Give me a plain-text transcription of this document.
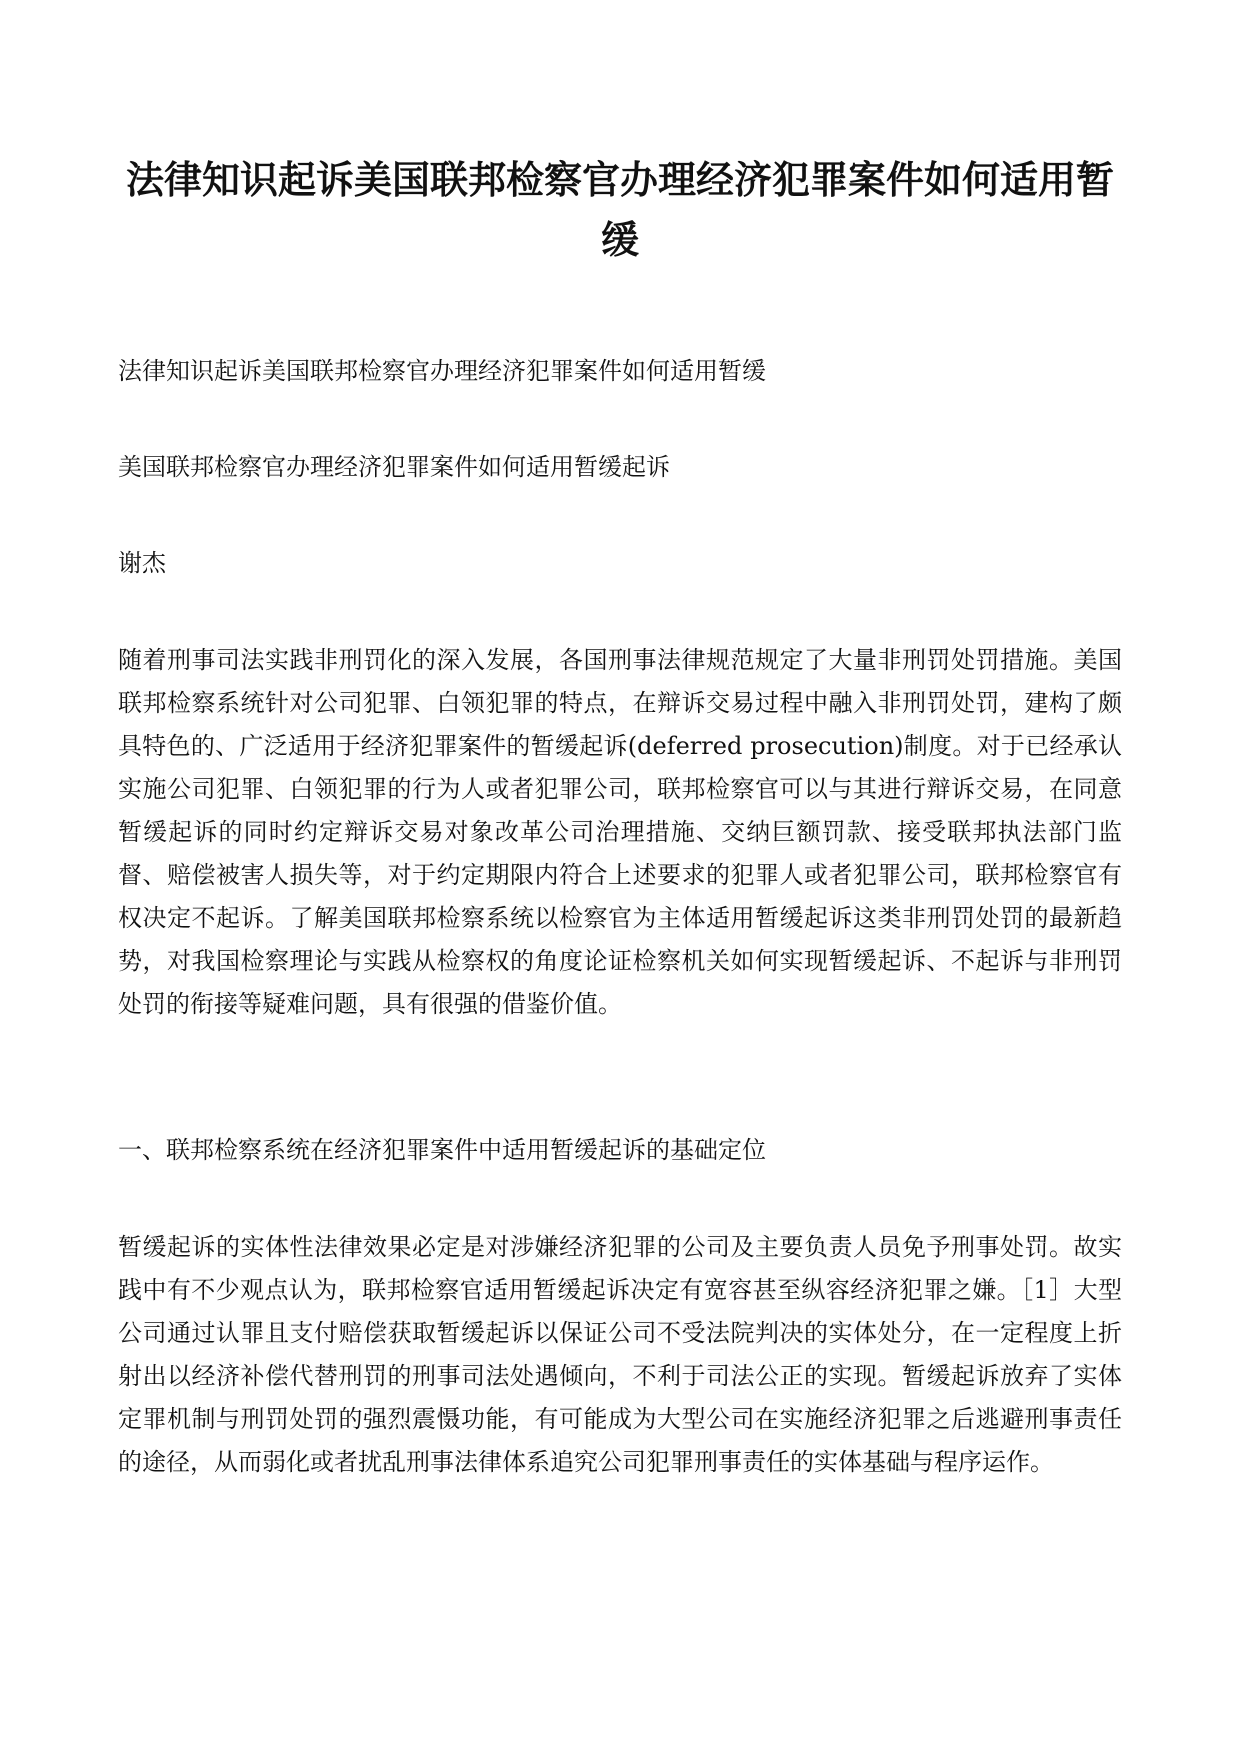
法律知识起诉美国联邦检察官办理经济犯罪案件如何适用暂缓

法律知识起诉美国联邦检察官办理经济犯罪案件如何适用暂缓

美国联邦检察官办理经济犯罪案件如何适用暂缓起诉

谢杰

随着刑事司法实践非刑罚化的深入发展，各国刑事法律规范规定了大量非刑罚处罚措施。美国联邦检察系统针对公司犯罪、白领犯罪的特点，在辩诉交易过程中融入非刑罚处罚，建构了颇具特色的、广泛适用于经济犯罪案件的暂缓起诉(deferred prosecution)制度。对于已经承认实施公司犯罪、白领犯罪的行为人或者犯罪公司，联邦检察官可以与其进行辩诉交易，在同意暂缓起诉的同时约定辩诉交易对象改革公司治理措施、交纳巨额罚款、接受联邦执法部门监督、赔偿被害人损失等，对于约定期限内符合上述要求的犯罪人或者犯罪公司，联邦检察官有权决定不起诉。了解美国联邦检察系统以检察官为主体适用暂缓起诉这类非刑罚处罚的最新趋势，对我国检察理论与实践从检察权的角度论证检察机关如何实现暂缓起诉、不起诉与非刑罚处罚的衔接等疑难问题，具有很强的借鉴价值。

一、联邦检察系统在经济犯罪案件中适用暂缓起诉的基础定位

暂缓起诉的实体性法律效果必定是对涉嫌经济犯罪的公司及主要负责人员免予刑事处罚。故实践中有不少观点认为，联邦检察官适用暂缓起诉决定有宽容甚至纵容经济犯罪之嫌。［1］大型公司通过认罪且支付赔偿获取暂缓起诉以保证公司不受法院判决的实体处分，在一定程度上折射出以经济补偿代替刑罚的刑事司法处遇倾向，不利于司法公正的实现。暂缓起诉放弃了实体定罪机制与刑罚处罚的强烈震慑功能，有可能成为大型公司在实施经济犯罪之后逃避刑事责任的途径，从而弱化或者扰乱刑事法律体系追究公司犯罪刑事责任的实体基础与程序运作。
